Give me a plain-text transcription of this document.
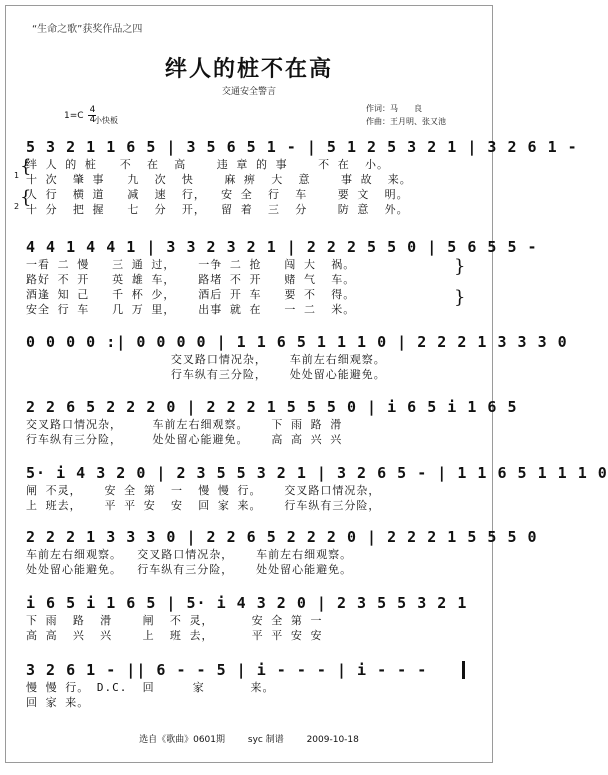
“生命之歌”获奖作品之四
绊人的桩不在高
交通安全警言
$1=C \frac{4}{4}$
小快板
作词：马　　良
作曲：王月明、张又池
5 3 2 1 1 6 5 | 3 5 6 5 1 - | 5 1 2 5 3 2 1 | 3 2 6 1 -
绊 人 的 桩   不  在  高    违 章 的 事    不 在  小。
十 次  肇 事   九  次  快    麻 痹  大  意    事 故  来。
人 行  横 道   减  速  行，  安 全  行  车    要 文  明。
十 分  把 握   七  分  开，  留 着  三  分    防 意  外。
4 4 1 4 4 1 | 3 3 2 3 2 1 | 2 2 2 5 5 0 | 5 6 5 5 -
一看 二 慢   三 通 过，   一争 二 抢   闯 大  祸。
路好 不 开   英 雄 车，   路堵 不 开   赌 气  车。
酒逢 知 己   千 杯 少，   酒后 开 车   要 不  得。
安全 行 车   几 万 里，   出事 就 在   一 二  米。
0 0 0 0 :| 0 0 0 0 | 1 1 6 5 1 1 1 0 | 2 2 2 1 3 3 3 0
交叉路口情况杂，   车前左右细观察。
行车纵有三分险，   处处留心能避免。
2 2 6 5 2 2 2 0 | 2 2 2 1 5 5 5 0 | i 6 5 i 1 6 5
交叉路口情况杂，    车前左右细观察。   下 雨 路 滑
行车纵有三分险，    处处留心能避免。   高 高 兴 兴
5· i 4 3 2 0 | 2 3 5 5 3 2 1 | 3 2 6 5 - | 1 1 6 5 1 1 1 0
闸 不灵，   安 全 第  一  慢 慢 行。   交叉路口情况杂，
上 班去，   平 平 安  安  回 家 来。   行车纵有三分险，
2 2 2 1 3 3 3 0 | 2 2 6 5 2 2 2 0 | 2 2 2 1 5 5 5 0
车前左右细观察。  交叉路口情况杂，   车前左右细观察。
处处留心能避免。  行车纵有三分险，   处处留心能避免。
i 6 5 i 1 6 5 | 5· i 4 3 2 0 | 2 3 5 5 3 2 1
下 雨  路  滑    闸  不 灵，     安 全 第 一
高 高  兴  兴    上  班 去，     平 平 安 安
3 2 6 1 - || 6 - - 5 | i - - - | i - - -
慢 慢 行。 D.C.  回     家      来。
回 家 来。
1
2
{
{
}
}
选自《歌曲》0601期	syc 制谱	2009-10-18
